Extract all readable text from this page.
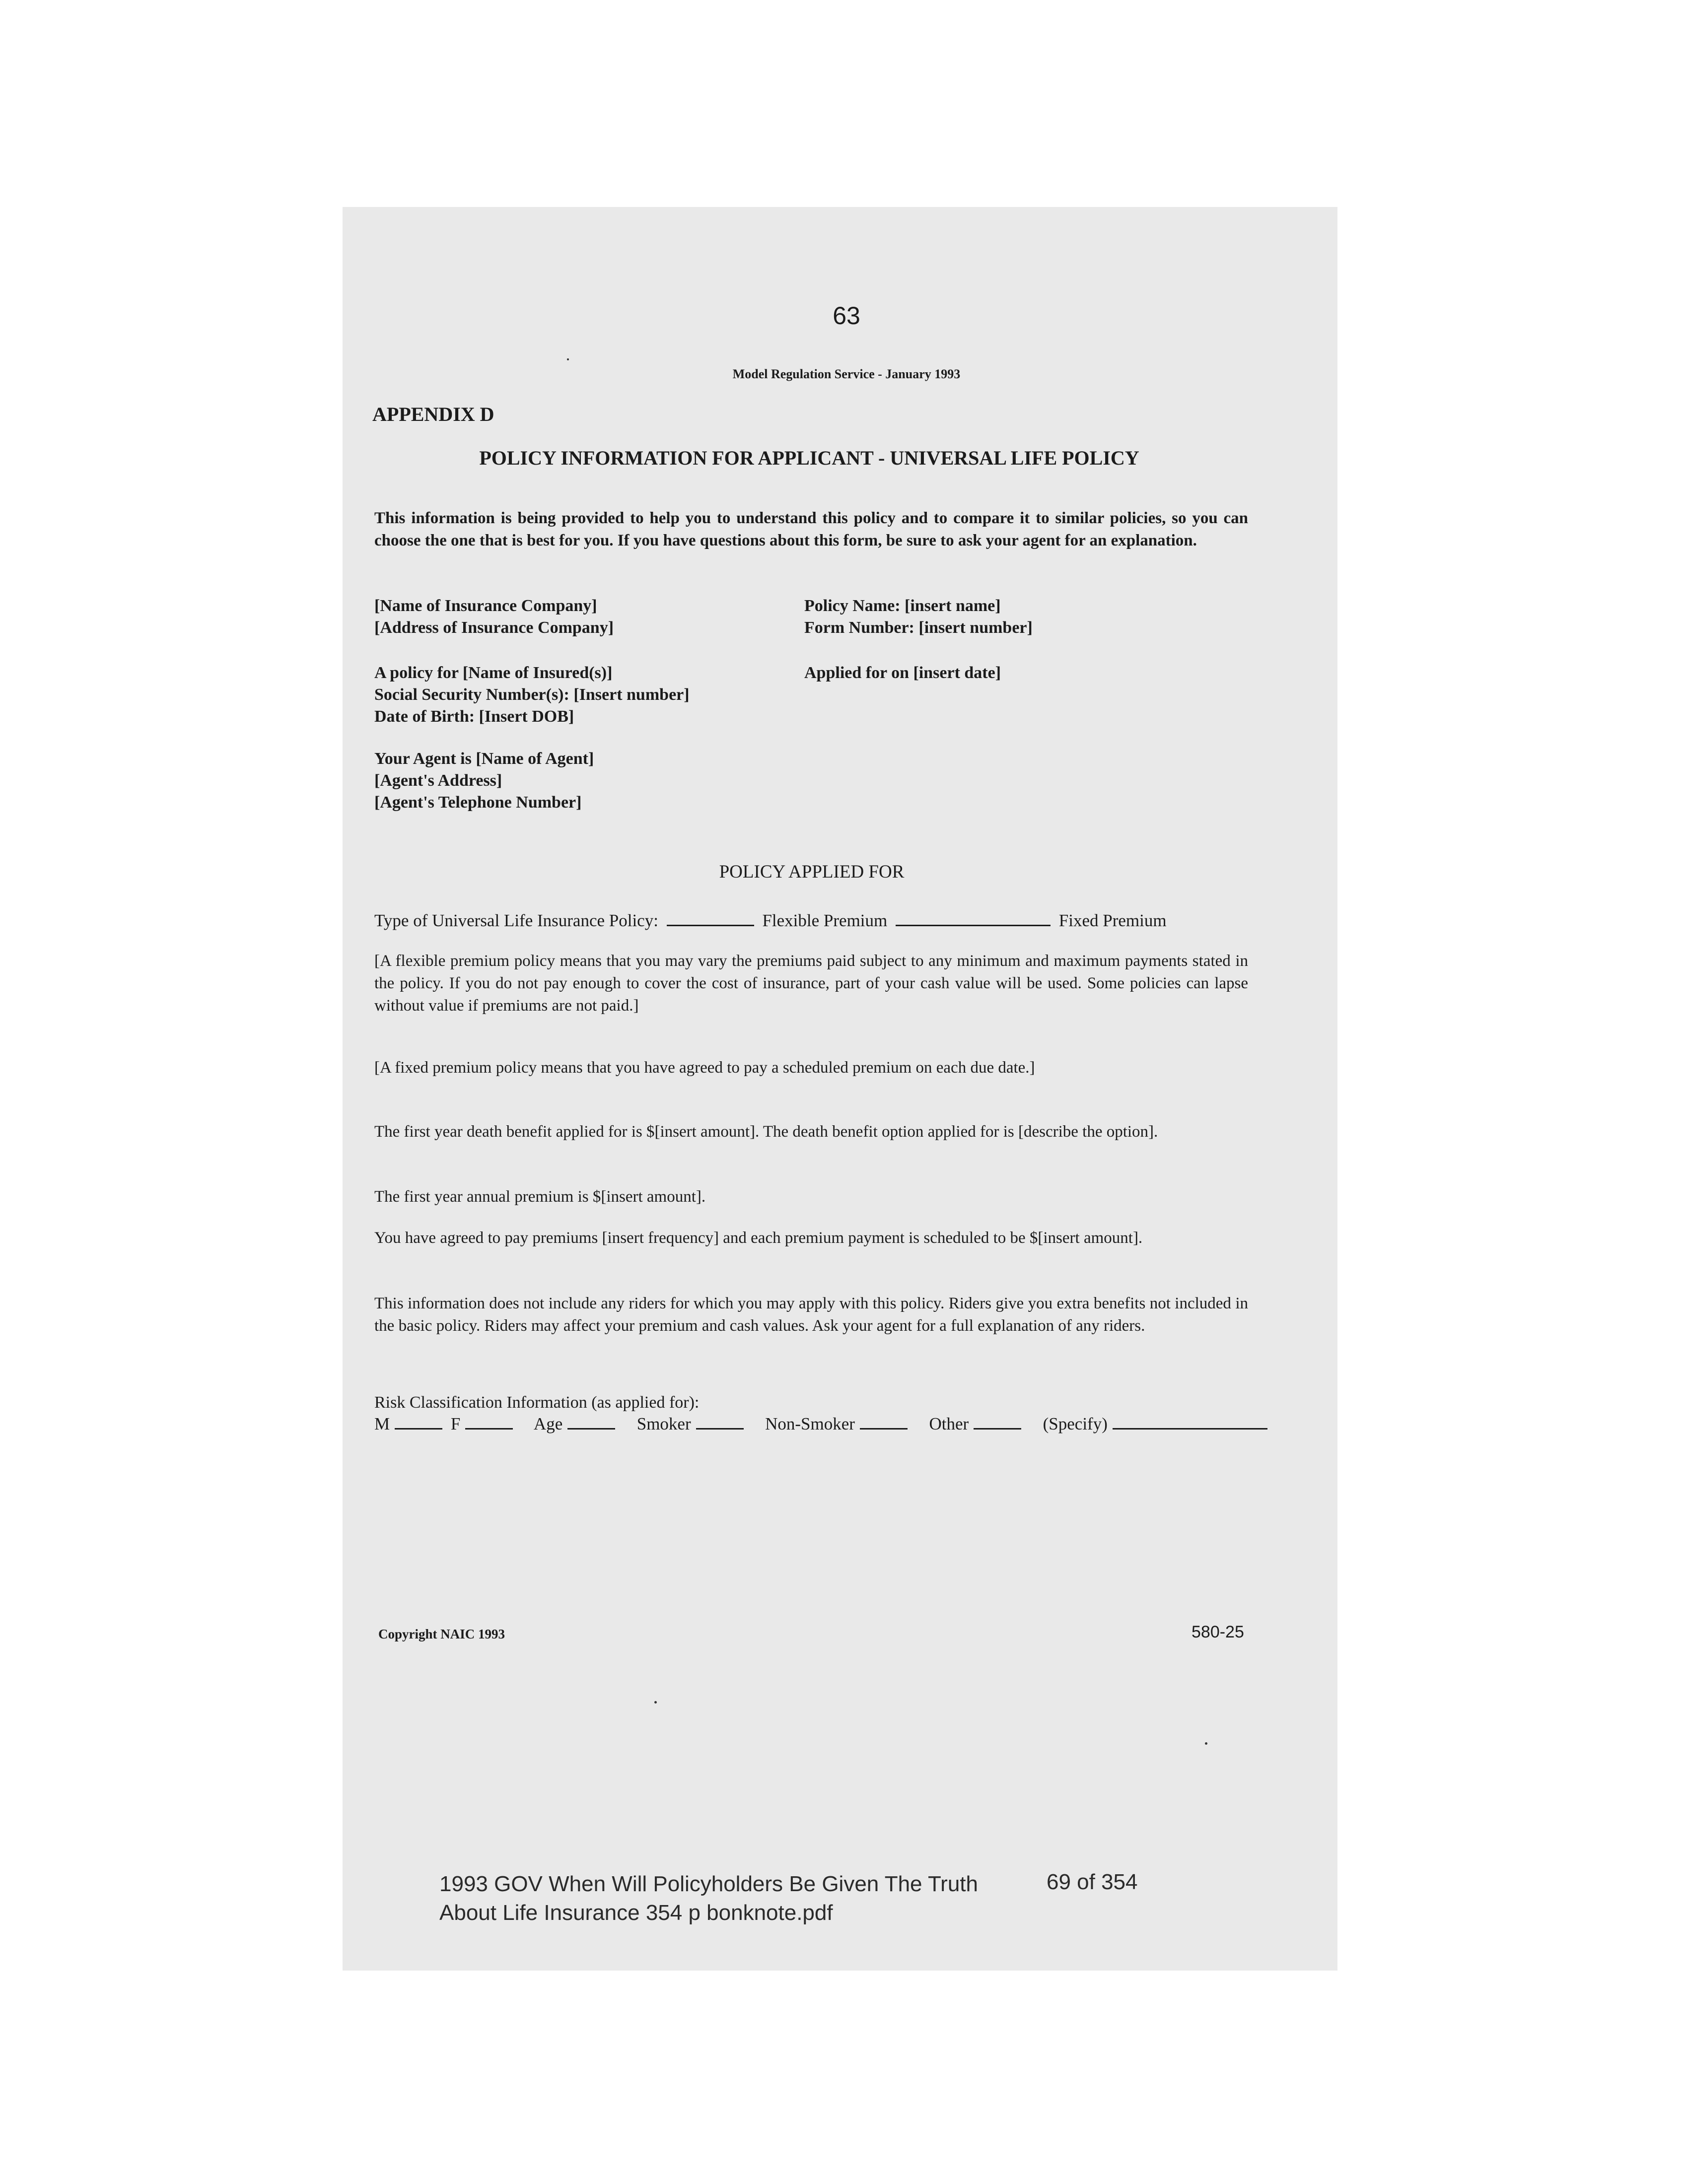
63

Model Regulation Service - January 1993

APPENDIX D

POLICY INFORMATION FOR APPLICANT - UNIVERSAL LIFE POLICY

This information is being provided to help you to understand this policy and to compare it to similar policies, so you can choose the one that is best for you. If you have questions about this form, be sure to ask your agent for an explanation.

[Name of Insurance Company]
[Address of Insurance Company]
Policy Name: [insert name]
Form Number: [insert number]
A policy for [Name of Insured(s)]
Social Security Number(s): [Insert number]
Date of Birth: [Insert DOB]
Applied for on [insert date]
Your Agent is [Name of Agent]
[Agent's Address]
[Agent's Telephone Number]

POLICY APPLIED FOR

Type of Universal Life Insurance Policy:	Flexible Premium	Fixed Premium

[A flexible premium policy means that you may vary the premiums paid subject to any minimum and maximum payments stated in the policy. If you do not pay enough to cover the cost of insurance, part of your cash value will be used. Some policies can lapse without value if premiums are not paid.]

[A fixed premium policy means that you have agreed to pay a scheduled premium on each due date.]

The first year death benefit applied for is $[insert amount]. The death benefit option applied for is [describe the option].

The first year annual premium is $[insert amount].

You have agreed to pay premiums [insert frequency] and each premium payment is scheduled to be $[insert amount].

This information does not include any riders for which you may apply with this policy. Riders give you extra benefits not included in the basic policy. Riders may affect your premium and cash values. Ask your agent for a full explanation of any riders.

Risk Classification Information (as applied for):

M	F	Age	Smoker	Non-Smoker	Other	(Specify)

Copyright NAIC 1993	580-25

1993 GOV When Will Policyholders Be Given The Truth About Life Insurance 354 p bonknote.pdf

69 of 354
